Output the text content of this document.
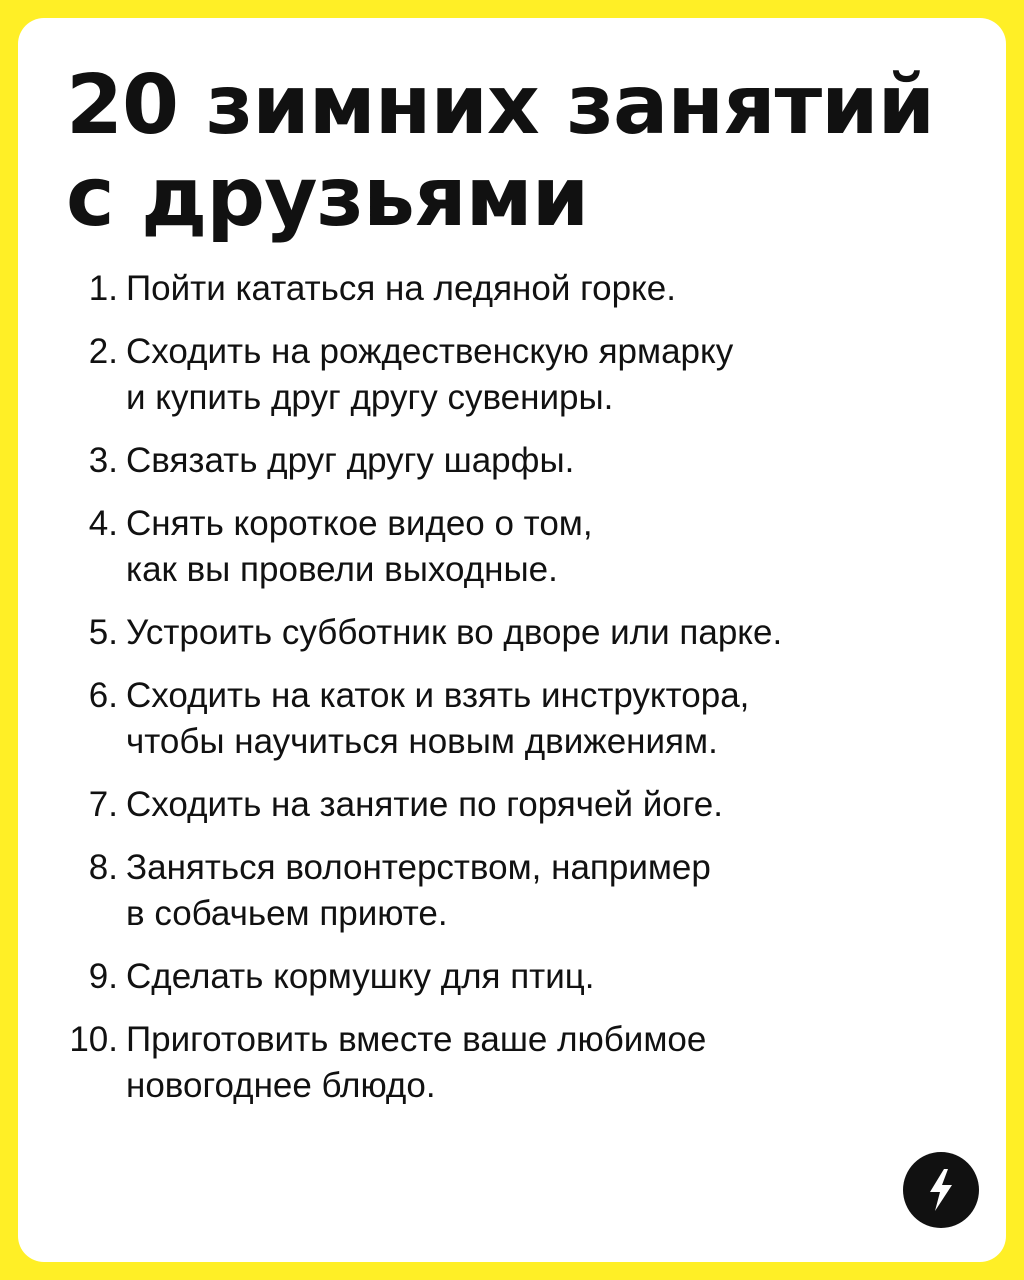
20 зимних занятий
с друзьями
1. Пойти кататься на ледяной горке.
2. Сходить на рождественскую ярмарку
и купить друг другу сувениры.
3. Связать друг другу шарфы.
4. Снять короткое видео о том,
как вы провели выходные.
5. Устроить субботник во дворе или парке.
6. Сходить на каток и взять инструктора,
чтобы научиться новым движениям.
7. Сходить на занятие по горячей йоге.
8. Заняться волонтерством, например
в собачьем приюте.
9. Сделать кормушку для птиц.
10. Приготовить вместе ваше любимое
новогоднее блюдо.
